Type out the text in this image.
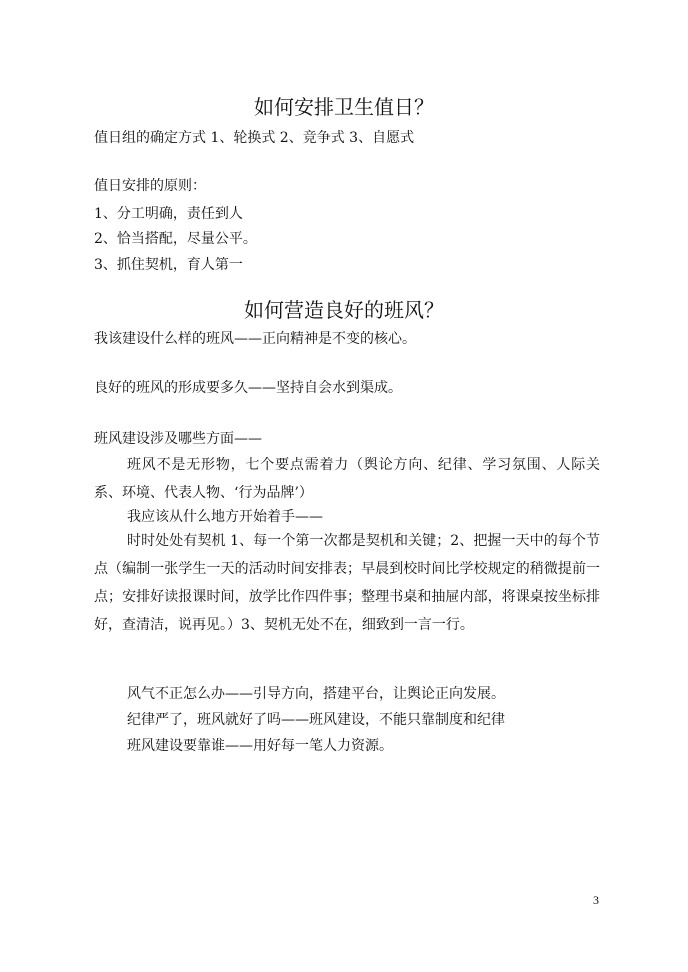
如何安排卫生值日？
值日组的确定方式 1、轮换式 2、竞争式 3、自愿式
值日安排的原则：
1、分工明确，责任到人
2、恰当搭配，尽量公平。
3、抓住契机，育人第一
如何营造良好的班风？
我该建设什么样的班风——正向精神是不变的核心。
良好的班风的形成要多久——坚持自会水到渠成。
班风建设涉及哪些方面——
班风不是无形物，七个要点需着力（舆论方向、纪律、学习氛围、人际关系、环境、代表人物、‘行为品牌’）
我应该从什么地方开始着手——
时时处处有契机 1、每一个第一次都是契机和关键；2、把握一天中的每个节点（编制一张学生一天的活动时间安排表；早晨到校时间比学校规定的稍微提前一点；安排好读报课时间，放学比作四件事；整理书桌和抽屉内部，将课桌按坐标排好，查清洁，说再见。）3、契机无处不在，细致到一言一行。
风气不正怎么办——引导方向，搭建平台，让舆论正向发展。
纪律严了，班风就好了吗——班风建设，不能只靠制度和纪律
班风建设要靠谁——用好每一笔人力资源。
3
